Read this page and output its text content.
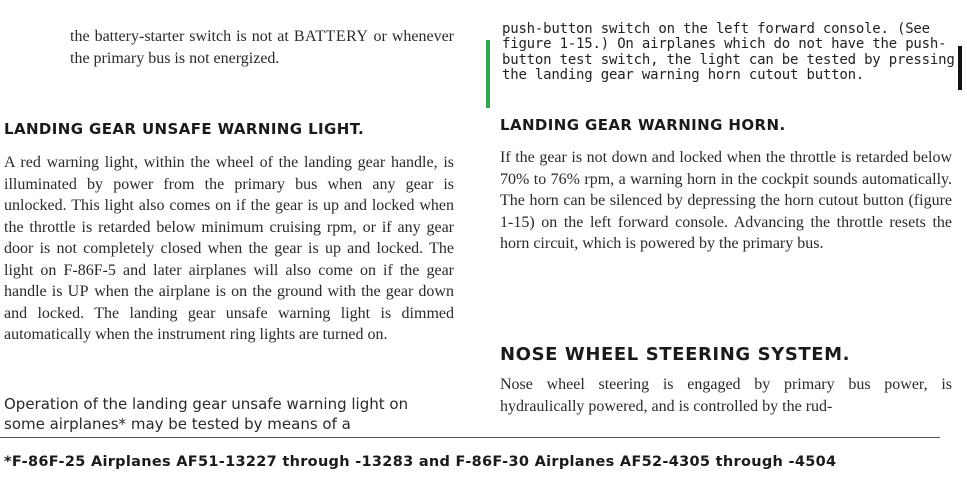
the battery-starter switch is not at BATTERY or whenever the primary bus is not energized.

LANDING GEAR UNSAFE WARNING LIGHT.

A red warning light, within the wheel of the landing gear handle, is illuminated by power from the primary bus when any gear is unlocked. This light also comes on if the gear is up and locked when the throttle is retarded below minimum cruising rpm, or if any gear door is not completely closed when the gear is up and locked. The light on F-86F-5 and later airplanes will also come on if the gear handle is UP when the airplane is on the ground with the gear down and locked. The landing gear unsafe warning light is dimmed automatically when the instrument ring lights are turned on.

Operation of the landing gear unsafe warning light on some airplanes* may be tested by means of a

push-button switch on the left forward console. (See figure 1-15.) On airplanes which do not have the push-button test switch, the light can be tested by pressing the landing gear warning horn cutout button.

LANDING GEAR WARNING HORN.

If the gear is not down and locked when the throttle is retarded below 70% to 76% rpm, a warning horn in the cockpit sounds automatically. The horn can be silenced by depressing the horn cutout button (figure 1-15) on the left forward console. Advancing the throttle resets the horn circuit, which is powered by the primary bus.

NOSE WHEEL STEERING SYSTEM.

Nose wheel steering is engaged by primary bus power, is hydraulically powered, and is controlled by the rud-

*F-86F-25 Airplanes AF51-13227 through -13283 and F-86F-30 Airplanes AF52-4305 through -4504
